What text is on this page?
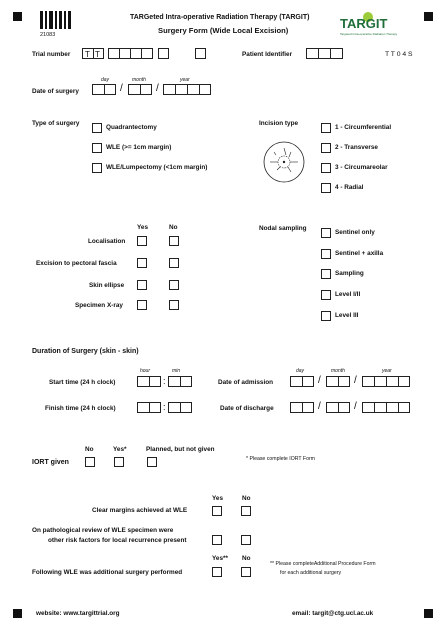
21083
TARGeted Intra-operative Radiation Therapy (TARGIT)
Surgery Form (Wide Local Excision)	TARGIT
Targeted Intra-operative Radiation Therapy
Trial number T T	Patient Identifier	T T 0 4 S
day	month	year
Date of surgery	/	/
Type of surgery
Quadrantectomy
WLE (>= 1cm margin)
WLE/Lumpectomy (<1cm margin)
Incision type
1 - Circumferential
2 - Transverse
3 - Circumareolar
4 - Radial
Yes	No
Localisation
Excision to pectoral fascia
Skin ellipse
Specimen X-ray
Nodal sampling
Sentinel only
Sentinel + axilla
Sampling
Level I/II
Level III
Duration of Surgery (skin - skin)
hour	min	day	month	year
Start time (24 h clock)	:	Date of admission	/	/
Finish time (24 h clock)	:	Date of discharge	/	/
No	Yes*	Planned, but not given
IORT given	* Please complete IORT Form
Yes	No
Clear margins achieved at WLE
On pathological review of WLE specimen were
other risk factors for local recurrence present
Yes** No
Following WLE was additional surgery performed
** Please completeAdditional Procedure Form
for each additional surgery
website: www.targittrial.org	email: targit@ctg.ucl.ac.uk
